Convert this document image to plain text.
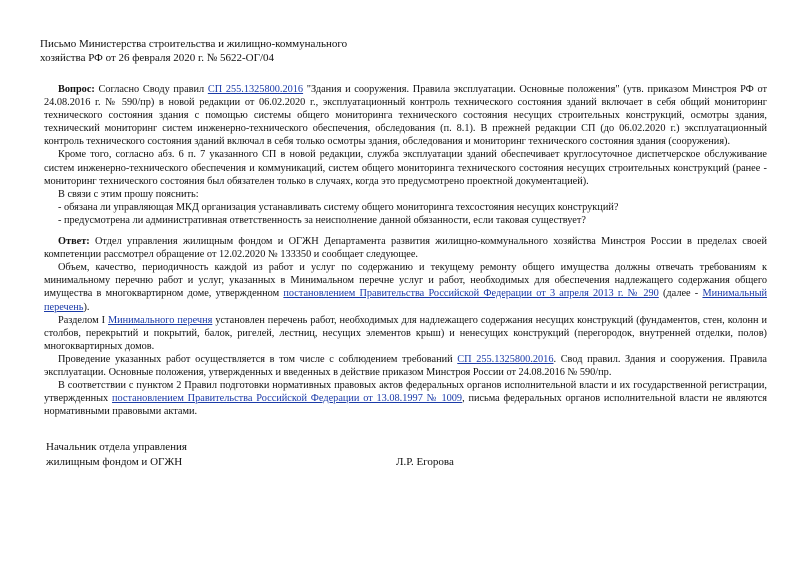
Письмо Министерства строительства и жилищно-коммунального
хозяйства РФ от 26 февраля 2020 г. № 5622-ОГ/04

Вопрос: Согласно Своду правил СП 255.1325800.2016 "Здания и сооружения. Правила эксплуатации. Основные положения" (утв. приказом Минстроя РФ от 24.08.2016 г. № 590/пр) в новой редакции от 06.02.2020 г., эксплуатационный контроль технического состояния зданий включает в себя общий мониторинг технического состояния здания с помощью системы общего мониторинга технического состояния несущих строительных конструкций, осмотры здания, технический мониторинг систем инженерно-технического обеспечения, обследования (п. 8.1). В прежней редакции СП (до 06.02.2020 г.) эксплуатационный контроль технического состояния зданий включал в себя только осмотры здания, обследования и мониторинг технического состояния здания (сооружения).

Кроме того, согласно абз. 6 п. 7 указанного СП в новой редакции, служба эксплуатации зданий обеспечивает круглосуточное диспетчерское обслуживание систем инженерно-технического обеспечения и коммуникаций, систем общего мониторинга технического состояния несущих строительных конструкций (ранее - мониторинг технического состояния был обязателен только в случаях, когда это предусмотрено проектной документацией).

В связи с этим прошу пояснить:

- обязана ли управляющая МКД организация устанавливать систему общего мониторинга техсостояния несущих конструкций?

- предусмотрена ли административная ответственность за неисполнение данной обязанности, если таковая существует?

Ответ: Отдел управления жилищным фондом и ОГЖН Департамента развития жилищно-коммунального хозяйства Минстроя России в пределах своей компетенции рассмотрел обращение от 12.02.2020 № 133350 и сообщает следующее.

Объем, качество, периодичность каждой из работ и услуг по содержанию и текущему ремонту общего имущества должны отвечать требованиям к минимальному перечню работ и услуг, указанных в Минимальном перечне услуг и работ, необходимых для обеспечения надлежащего содержания общего имущества в многоквартирном доме, утвержденном постановлением Правительства Российской Федерации от 3 апреля 2013 г. № 290 (далее - Минимальный перечень).

Разделом I Минимального перечня установлен перечень работ, необходимых для надлежащего содержания несущих конструкций (фундаментов, стен, колонн и столбов, перекрытий и покрытий, балок, ригелей, лестниц, несущих элементов крыш) и ненесущих конструкций (перегородок, внутренней отделки, полов) многоквартирных домов.

Проведение указанных работ осуществляется в том числе с соблюдением требований СП 255.1325800.2016. Свод правил. Здания и сооружения. Правила эксплуатации. Основные положения, утвержденных и введенных в действие приказом Минстроя России от 24.08.2016 № 590/пр.

В соответствии с пунктом 2 Правил подготовки нормативных правовых актов федеральных органов исполнительной власти и их государственной регистрации, утвержденных постановлением Правительства Российской Федерации от 13.08.1997 № 1009, письма федеральных органов исполнительной власти не являются нормативными правовыми актами.

Начальник отдела управления
жилищным фондом и ОГЖН	Л.Р. Егорова
